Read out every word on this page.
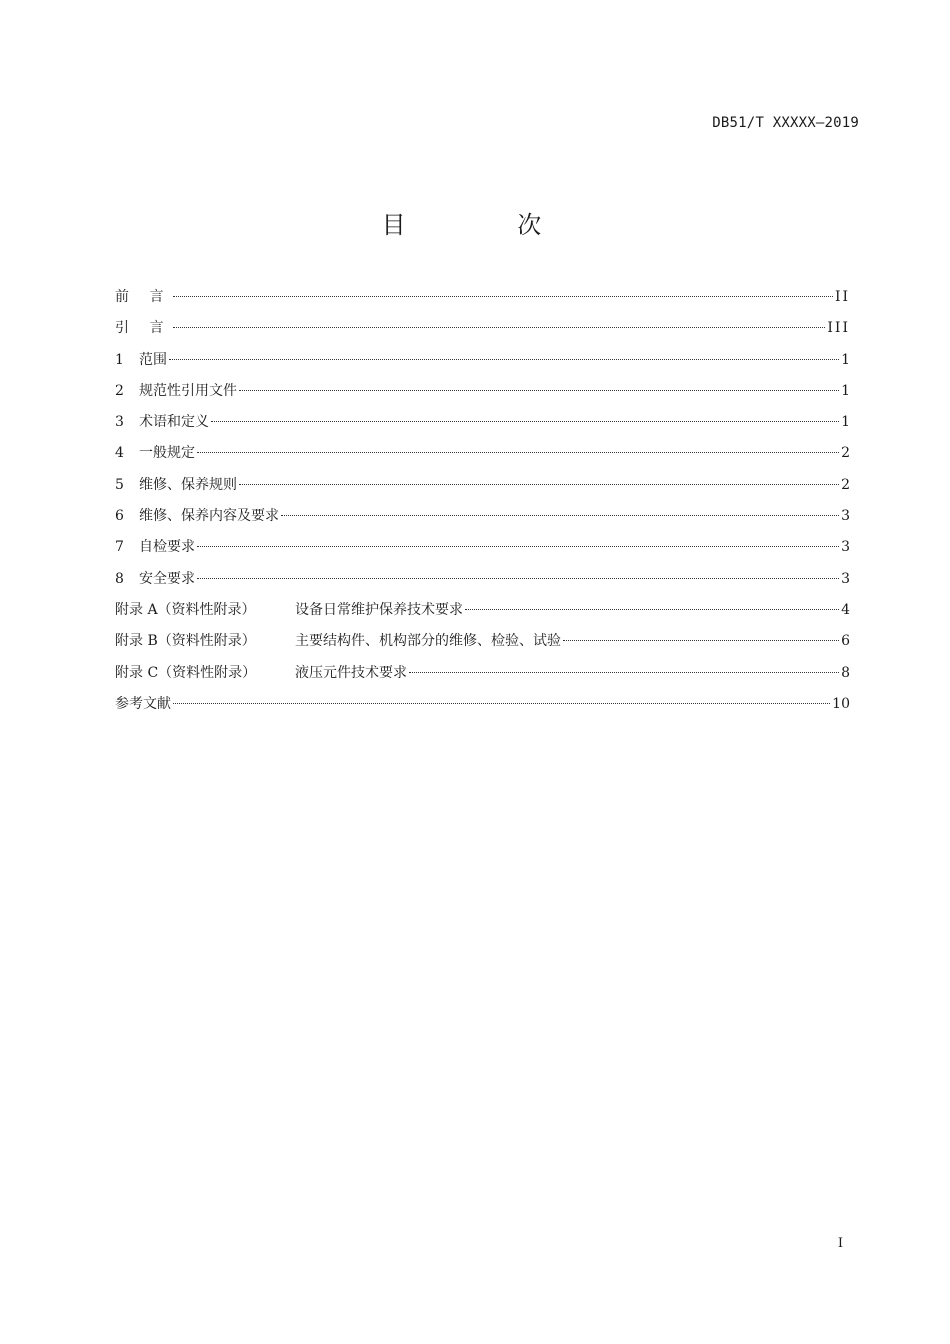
DB51/T XXXXX—2019
目 次
前 言	II
引 言	III
1	范围	1
2	规范性引用文件	1
3	术语和定义	1
4	一般规定	2
5	维修、保养规则	2
6	维修、保养内容及要求	3
7	自检要求	3
8	安全要求	3
附录 A（资料性附录）	设备日常维护保养技术要求	4
附录 B（资料性附录）	主要结构件、机构部分的维修、检验、试验	6
附录 C（资料性附录）	液压元件技术要求	8
参考文献	10
I
